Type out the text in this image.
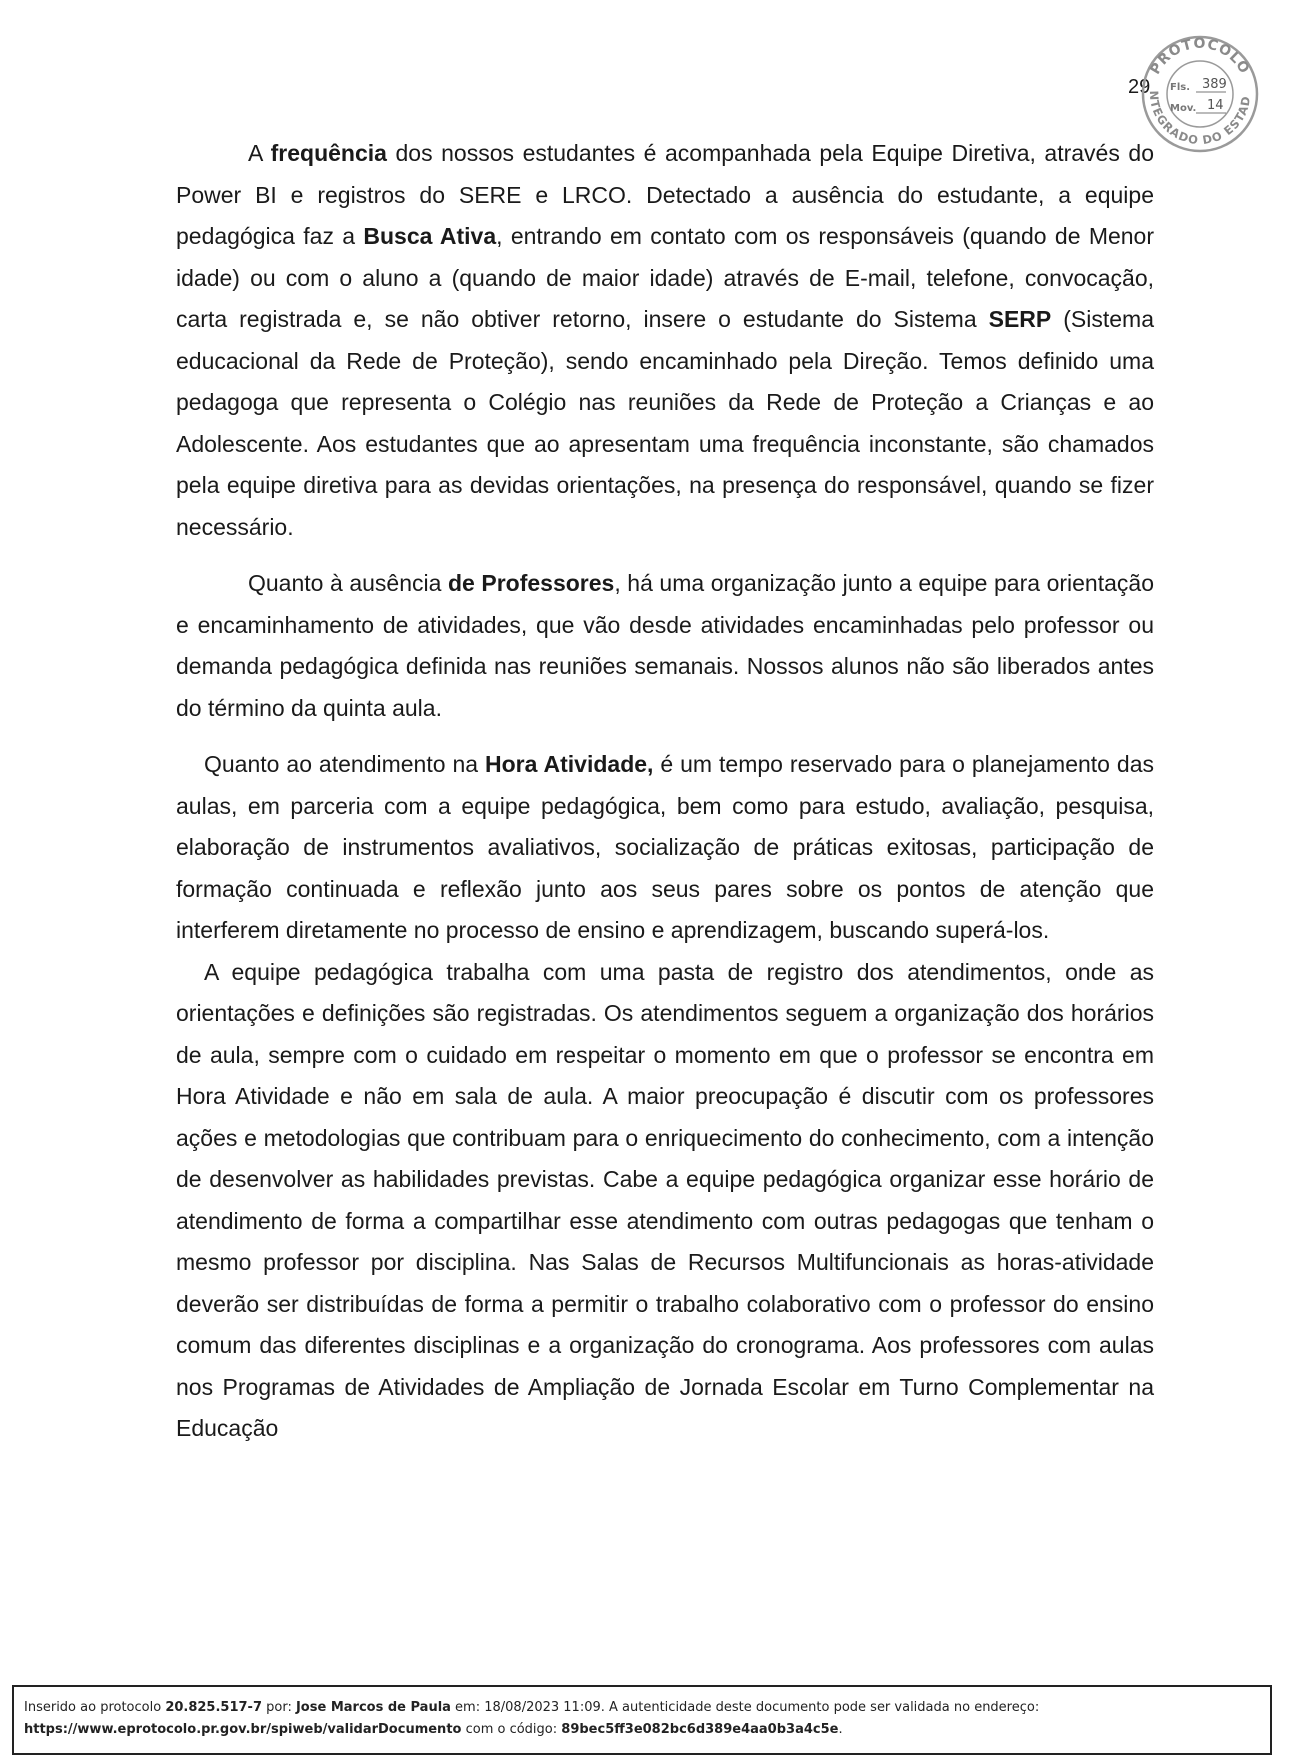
29
PROTOCOLO
NTEGRADO DO ESTAD
Fls. 389
Mov. 14

A frequência dos nossos estudantes é acompanhada pela Equipe Diretiva, através do Power BI e registros do SERE e LRCO. Detectado a ausência do estudante, a equipe pedagógica faz a Busca Ativa, entrando em contato com os responsáveis (quando de Menor idade) ou com o aluno a (quando de maior idade) através de E-mail, telefone, convocação, carta registrada e, se não obtiver retorno, insere o estudante do Sistema SERP (Sistema educacional da Rede de Proteção), sendo encaminhado pela Direção. Temos definido uma pedagoga que representa o Colégio nas reuniões da Rede de Proteção a Crianças e ao Adolescente. Aos estudantes que ao apresentam uma frequência inconstante, são chamados pela equipe diretiva para as devidas orientações, na presença do responsável, quando se fizer necessário.

Quanto à ausência de Professores, há uma organização junto a equipe para orientação e encaminhamento de atividades, que vão desde atividades encaminhadas pelo professor ou demanda pedagógica definida nas reuniões semanais. Nossos alunos não são liberados antes do término da quinta aula.

Quanto ao atendimento na Hora Atividade, é um tempo reservado para o planejamento das aulas, em parceria com a equipe pedagógica, bem como para estudo, avaliação, pesquisa, elaboração de instrumentos avaliativos, socialização de práticas exitosas, participação de formação continuada e reflexão junto aos seus pares sobre os pontos de atenção que interferem diretamente no processo de ensino e aprendizagem, buscando superá-los.

A equipe pedagógica trabalha com uma pasta de registro dos atendimentos, onde as orientações e definições são registradas. Os atendimentos seguem a organização dos horários de aula, sempre com o cuidado em respeitar o momento em que o professor se encontra em Hora Atividade e não em sala de aula. A maior preocupação é discutir com os professores ações e metodologias que contribuam para o enriquecimento do conhecimento, com a intenção de desenvolver as habilidades previstas. Cabe a equipe pedagógica organizar esse horário de atendimento de forma a compartilhar esse atendimento com outras pedagogas que tenham o mesmo professor por disciplina. Nas Salas de Recursos Multifuncionais as horas-atividade deverão ser distribuídas de forma a permitir o trabalho colaborativo com o professor do ensino comum das diferentes disciplinas e a organização do cronograma. Aos professores com aulas nos Programas de Atividades de Ampliação de Jornada Escolar em Turno Complementar na Educação

Inserido ao protocolo 20.825.517-7 por: Jose Marcos de Paula em: 18/08/2023 11:09. A autenticidade deste documento pode ser validada no endereço:
https://www.eprotocolo.pr.gov.br/spiweb/validarDocumento com o código: 89bec5ff3e082bc6d389e4aa0b3a4c5e.
